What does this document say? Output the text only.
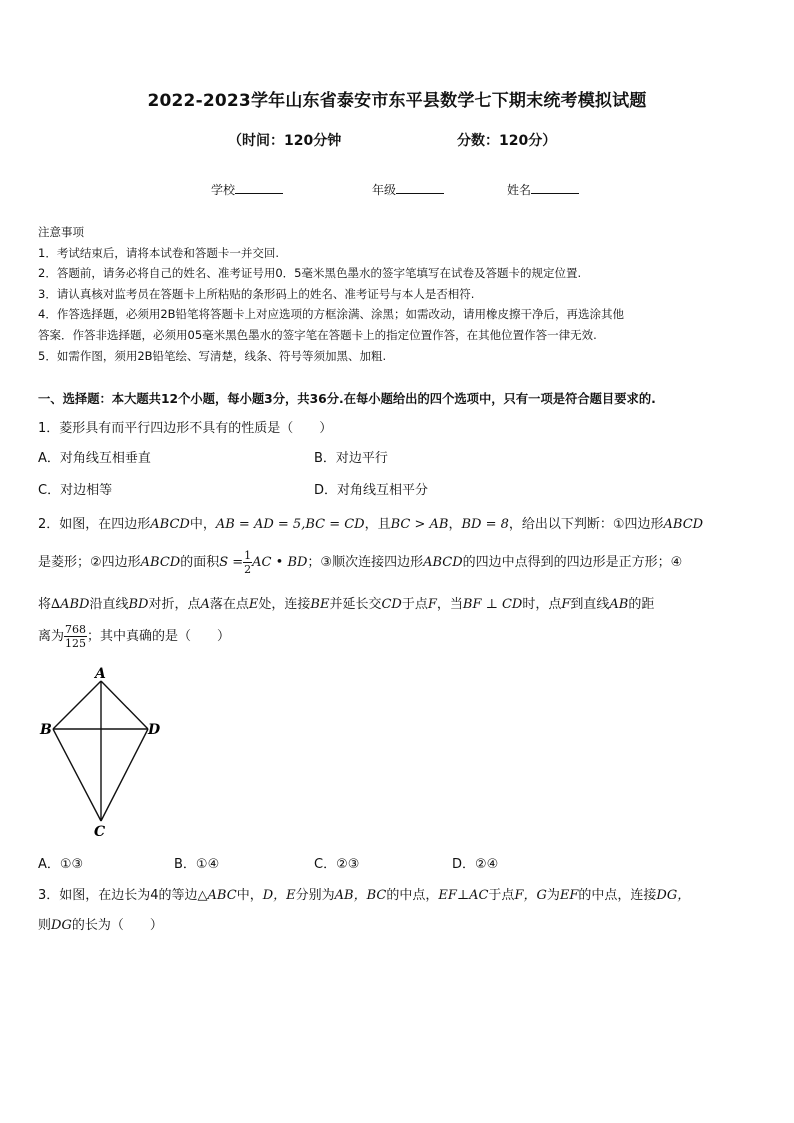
2022-2023学年山东省泰安市东平县数学七下期末统考模拟试题
（时间：120分钟	分数：120分）
学校	年级	姓名
注意事项
1．考试结束后，请将本试卷和答题卡一并交回.
2．答题前，请务必将自己的姓名、准考证号用0．5毫米黑色墨水的签字笔填写在试卷及答题卡的规定位置.
3．请认真核对监考员在答题卡上所粘贴的条形码上的姓名、准考证号与本人是否相符.
4．作答选择题，必须用2B铅笔将答题卡上对应选项的方框涂满、涂黑；如需改动，请用橡皮擦干净后，再选涂其他
答案．作答非选择题，必须用05毫米黑色墨水的签字笔在答题卡上的指定位置作答，在其他位置作答一律无效.
5．如需作图，须用2B铅笔绘、写清楚，线条、符号等须加黑、加粗.
一、选择题：本大题共12个小题，每小题3分，共36分.在每小题给出的四个选项中，只有一项是符合题目要求的.
1．菱形具有而平行四边形不具有的性质是（　　）
A．对角线互相垂直	B．对边平行
C．对边相等	D．对角线互相平分
2．如图，在四边形ABCD中，AB = AD = 5,BC = CD，且BC > AB，BD = 8，给出以下判断：①四边形ABCD
是菱形；②四边形ABCD的面积$S = \frac{1}{2}$ AC • BD；③顺次连接四边形ABCD的四边中点得到的四边形是正方形；④
将∆ABD沿直线BD对折，点A落在点E处，连接BE并延长交CD于点F，当BF ⊥ CD时，点F到直线AB的距
离为 $\frac{768}{125}$ ；其中真确的是（　　）
A
B
C
D
A．①③	B．①④	C．②③	D．②④
3．如图，在边长为4的等边△ABC中，D，E分别为AB，BC的中点，EF⊥AC于点F，G为EF的中点，连接DG，
则DG的长为（　　）
